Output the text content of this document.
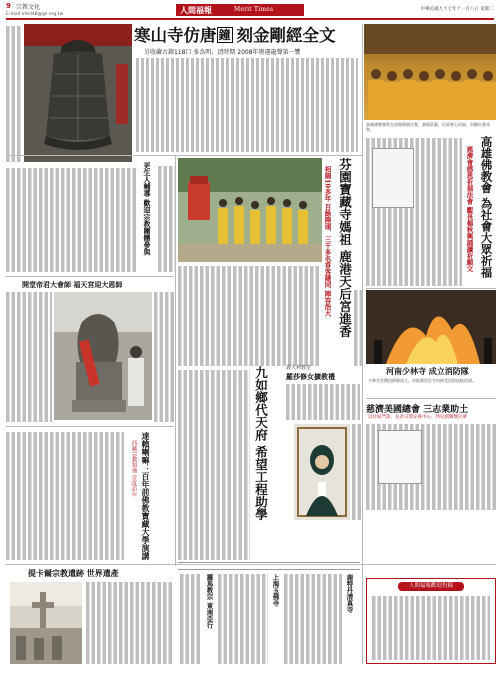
9 宗教文化
E-mail:mtnl48@gc.org.tw	人間福報	Merit Times	中華民國九十七年十一月八日 星期二
寒山寺仿唐 鐘 刻金剛經全文
另收藏古鐘118口 多為明、清時期 2008年奧運龍聲第一響
高雄佛教會昨在道場舉辦法會，會場莊嚴，信眾齊心祈福，祈願社會祥和。
高雄佛教會 為社會大眾祈福
慈濟會感恩祈福法會 觀長楊秋興誦讀祈願文
芬園寶藏寺媽祖 鹿港天后宮進香
相隔10多年 百餘陣頭、三千多名香客隨同 陣容浩大
更生人輔導 歡迎宗教團體參與
開堂帝君大會師 福天宮迎大恩師
達賴喇嘛：百年前佛教寶藏大學演講
西藏宗教領袖 首度訪台	九如鄉代天府 希望工程助學	義大利教堂
羅莎修女擴教禮
河南少林寺 成立消防隊
少林寺武僧消防隊成立，首批隊員在寺內接受消防技能培訓。
慈濟美國總會 三志業助土
以社區門診、長者日間安養中心、幼兒園關懷民眾
提卡爾宗教遺跡 世界遺產
羅馬教宗 東南亞行	上海玉佛寺	鹿特丹清真寺	人間福報歡迎投稿
